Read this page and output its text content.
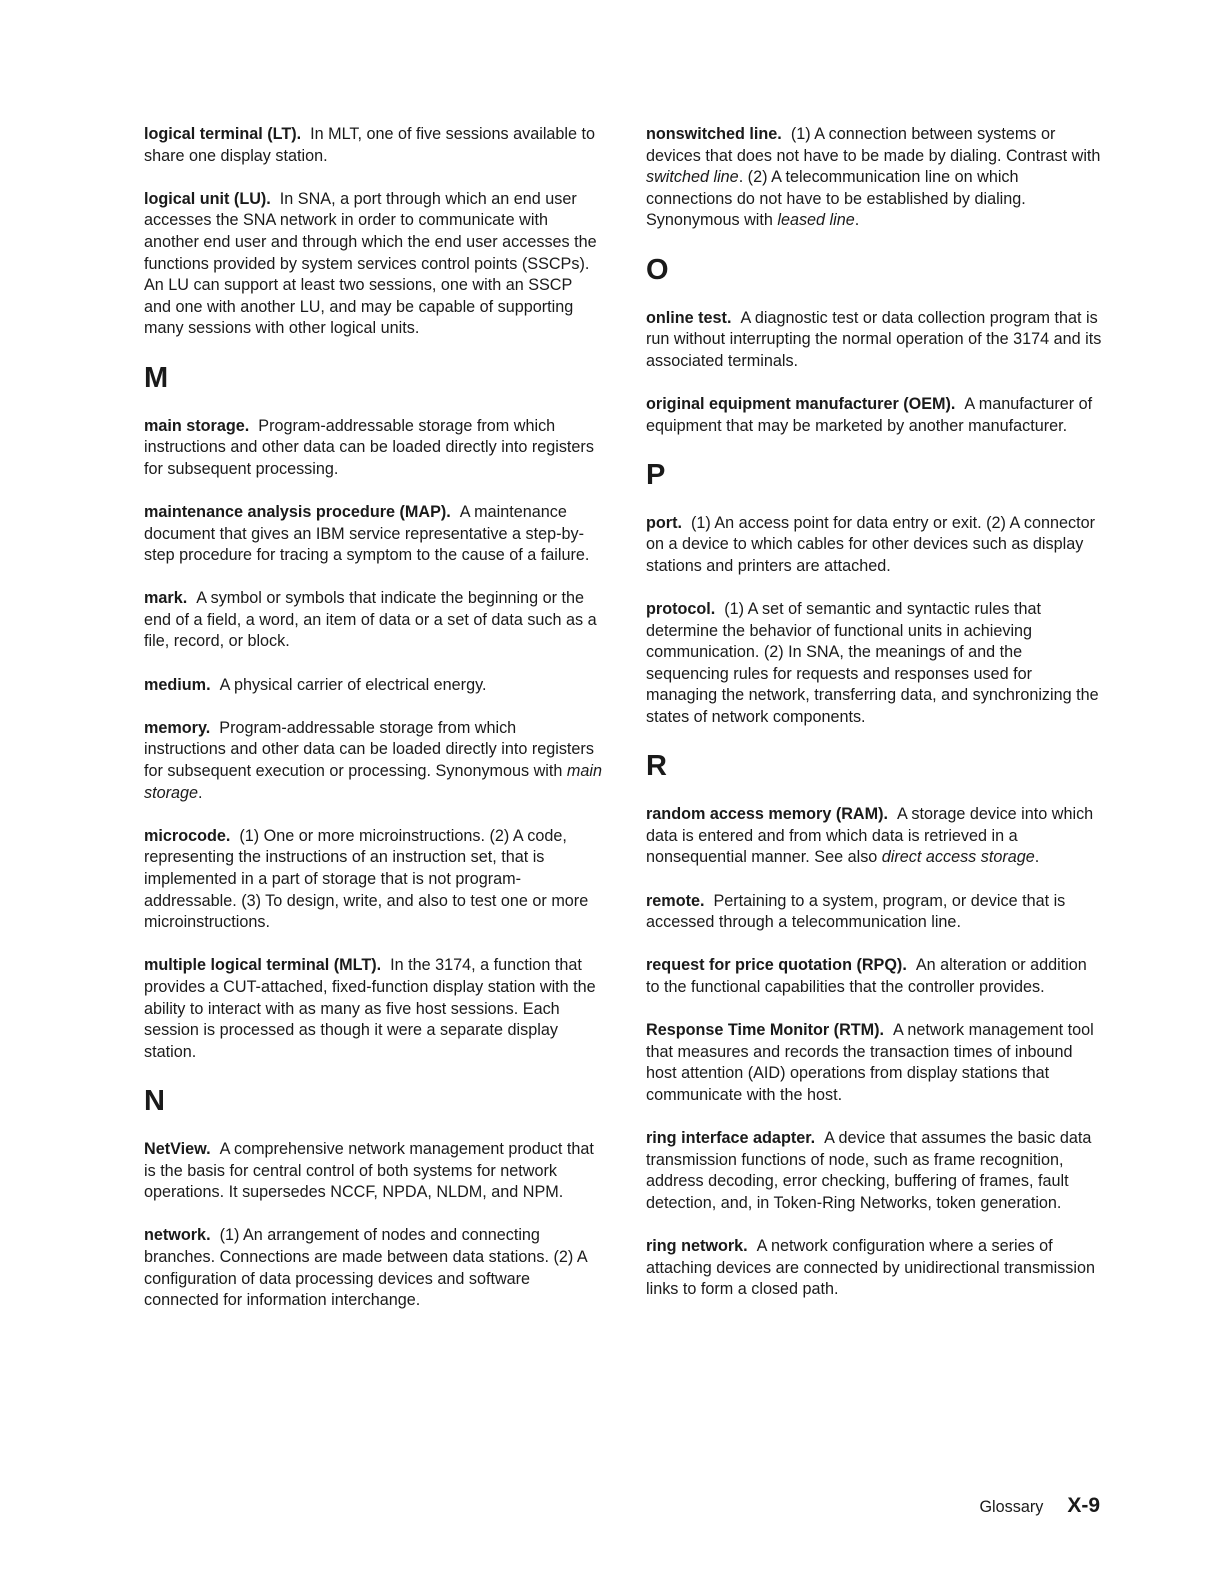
logical terminal (LT). In MLT, one of five sessions available to share one display station.
logical unit (LU). In SNA, a port through which an end user accesses the SNA network in order to communicate with another end user and through which the end user accesses the functions provided by system services control points (SSCPs). An LU can support at least two sessions, one with an SSCP and one with another LU, and may be capable of supporting many sessions with other logical units.
M
main storage. Program-addressable storage from which instructions and other data can be loaded directly into registers for subsequent processing.
maintenance analysis procedure (MAP). A maintenance document that gives an IBM service representative a step-by-step procedure for tracing a symptom to the cause of a failure.
mark. A symbol or symbols that indicate the beginning or the end of a field, a word, an item of data or a set of data such as a file, record, or block.
medium. A physical carrier of electrical energy.
memory. Program-addressable storage from which instructions and other data can be loaded directly into registers for subsequent execution or processing. Synonymous with main storage.
microcode. (1) One or more microinstructions. (2) A code, representing the instructions of an instruction set, that is implemented in a part of storage that is not program-addressable. (3) To design, write, and also to test one or more microinstructions.
multiple logical terminal (MLT). In the 3174, a function that provides a CUT-attached, fixed-function display station with the ability to interact with as many as five host sessions. Each session is processed as though it were a separate display station.
N
NetView. A comprehensive network management product that is the basis for central control of both systems for network operations. It supersedes NCCF, NPDA, NLDM, and NPM.
network. (1) An arrangement of nodes and connecting branches. Connections are made between data stations. (2) A configuration of data processing devices and software connected for information interchange.
nonswitched line. (1) A connection between systems or devices that does not have to be made by dialing. Contrast with switched line. (2) A telecommunication line on which connections do not have to be established by dialing. Synonymous with leased line.
O
online test. A diagnostic test or data collection program that is run without interrupting the normal operation of the 3174 and its associated terminals.
original equipment manufacturer (OEM). A manufacturer of equipment that may be marketed by another manufacturer.
P
port. (1) An access point for data entry or exit. (2) A connector on a device to which cables for other devices such as display stations and printers are attached.
protocol. (1) A set of semantic and syntactic rules that determine the behavior of functional units in achieving communication. (2) In SNA, the meanings of and the sequencing rules for requests and responses used for managing the network, transferring data, and synchronizing the states of network components.
R
random access memory (RAM). A storage device into which data is entered and from which data is retrieved in a nonsequential manner. See also direct access storage.
remote. Pertaining to a system, program, or device that is accessed through a telecommunication line.
request for price quotation (RPQ). An alteration or addition to the functional capabilities that the controller provides.
Response Time Monitor (RTM). A network management tool that measures and records the transaction times of inbound host attention (AID) operations from display stations that communicate with the host.
ring interface adapter. A device that assumes the basic data transmission functions of node, such as frame recognition, address decoding, error checking, buffering of frames, fault detection, and, in Token-Ring Networks, token generation.
ring network. A network configuration where a series of attaching devices are connected by unidirectional transmission links to form a closed path.
Glossary X-9
